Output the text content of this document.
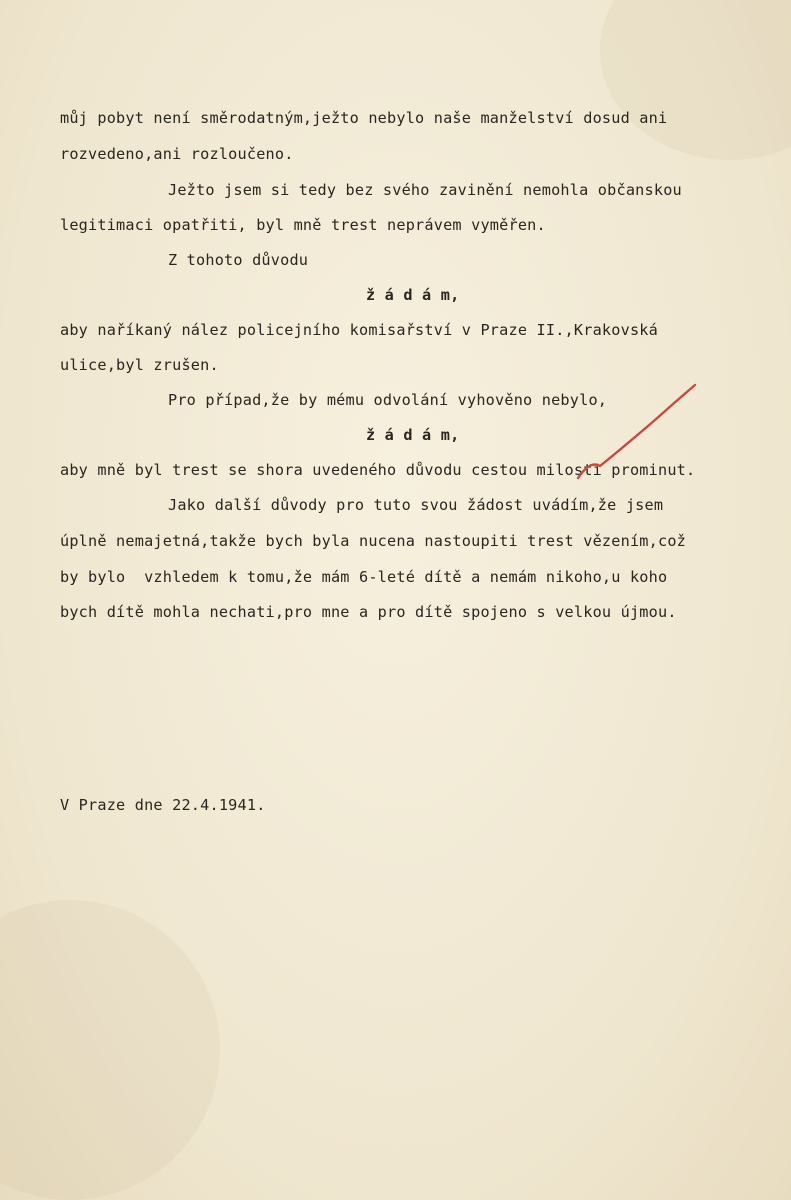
můj pobyt není směrodatným,ježto nebylo naše manželství dosud ani
rozvedeno,ani rozloučeno.
Ježto jsem si tedy bez svého zavinění nemohla občanskou
legitimaci opatřiti, byl mně trest neprávem vyměřen.
Z tohoto důvodu
ž á d á m,
aby naříkaný nález policejního komisařství v Praze II.,Krakovská
ulice,byl zrušen.
Pro případ,že by mému odvolání vyhověno nebylo,
ž á d á m,
aby mně byl trest se shora uvedeného důvodu cestou milosti prominut.
Jako další důvody pro tuto svou žádost uvádím,že jsem
úplně nemajetná,takže bych byla nucena nastoupiti trest vězením,což
by bylo  vzhledem k tomu,že mám 6-leté dítě a nemám nikoho,u koho
bych dítě mohla nechati,pro mne a pro dítě spojeno s velkou újmou.
V Praze dne 22.4.1941.
